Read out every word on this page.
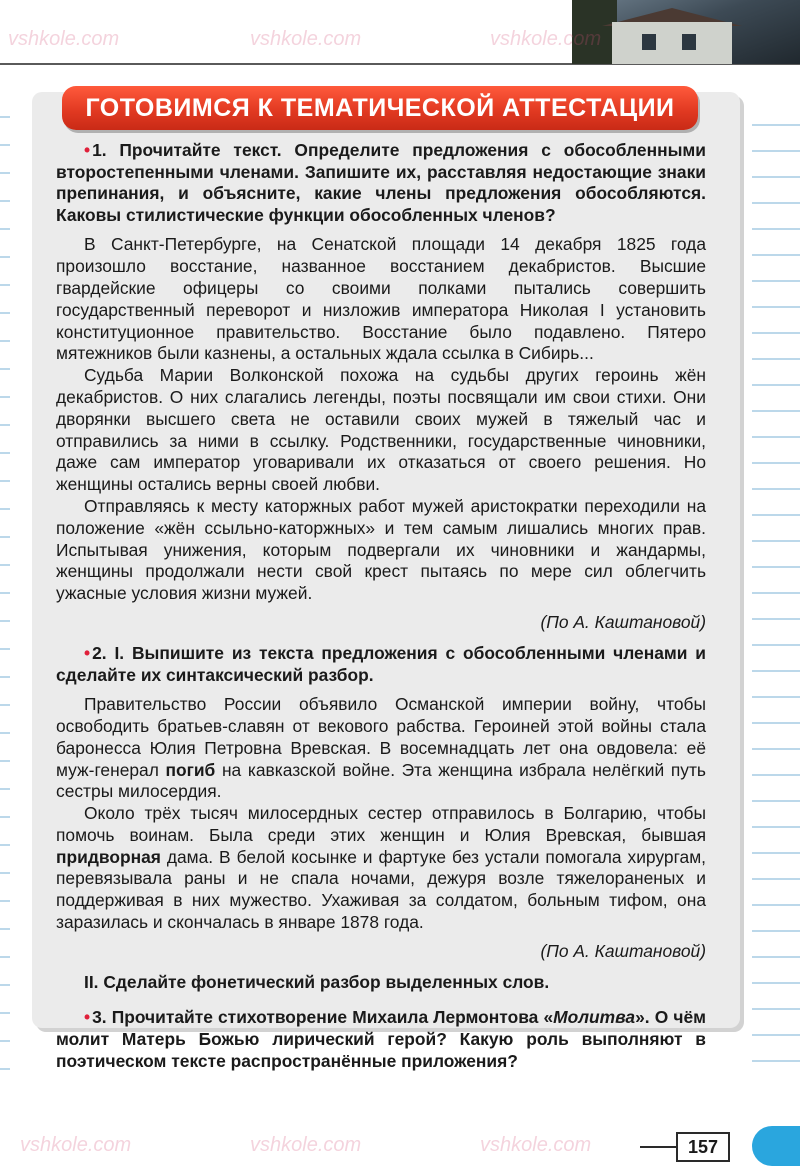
ГОТОВИМСЯ К ТЕМАТИЧЕСКОЙ АТТЕСТАЦИИ

• 1. Прочитайте текст. Определите предложения с обособленными второстепенными членами. Запишите их, расставляя недостающие знаки препинания, и объясните, какие члены предложения обособляются. Каковы стилистические функции обособленных членов?

В Санкт-Петербурге, на Сенатской площади 14 декабря 1825 года произошло восстание, названное восстанием декабристов. Высшие гвардейские офицеры со своими полками пытались совершить государственный переворот и низложив императора Николая I установить конституционное правительство. Восстание было подавлено. Пятеро мятежников были казнены, а остальных ждала ссылка в Сибирь...

Судьба Марии Волконской похожа на судьбы других героинь жён декабристов. О них слагались легенды, поэты посвящали им свои стихи. Они дворянки высшего света не оставили своих мужей в тяжелый час и отправились за ними в ссылку. Родственники, государственные чиновники, даже сам император уговаривали их отказаться от своего решения. Но женщины остались верны своей любви.

Отправляясь к месту каторжных работ мужей аристократки переходили на положение «жён ссыльно-каторжных» и тем самым лишались многих прав. Испытывая унижения, которым подвергали их чиновники и жандармы, женщины продолжали нести свой крест пытаясь по мере сил облегчить ужасные условия жизни мужей.

(По А. Каштановой)

• 2. I. Выпишите из текста предложения с обособленными членами и сделайте их синтаксический разбор.

Правительство России объявило Османской империи войну, чтобы освободить братьев-славян от векового рабства. Героиней этой войны стала баронесса Юлия Петровна Вревская. В восемнадцать лет она овдовела: её муж-генерал погиб на кавказской войне. Эта женщина избрала нелёгкий путь сестры милосердия.

Около трёх тысяч милосердных сестер отправилось в Болгарию, чтобы помочь воинам. Была среди этих женщин и Юлия Вревская, бывшая придворная дама. В белой косынке и фартуке без устали помогала хирургам, перевязывала раны и не спала ночами, дежуря возле тяжелораненых и поддерживая в них мужество. Ухаживая за солдатом, больным тифом, она заразилась и скончалась в январе 1878 года.

(По А. Каштановой)

II. Сделайте фонетический разбор выделенных слов.

• 3. Прочитайте стихотворение Михаила Лермонтова «Молитва». О чём молит Матерь Божью лирический герой? Какую роль выполняют в поэтическом тексте распространённые приложения?

vshkole.com	vshkole.com	vshkole.com
vshkole.com	vshkole.com	vshkole.com	157
